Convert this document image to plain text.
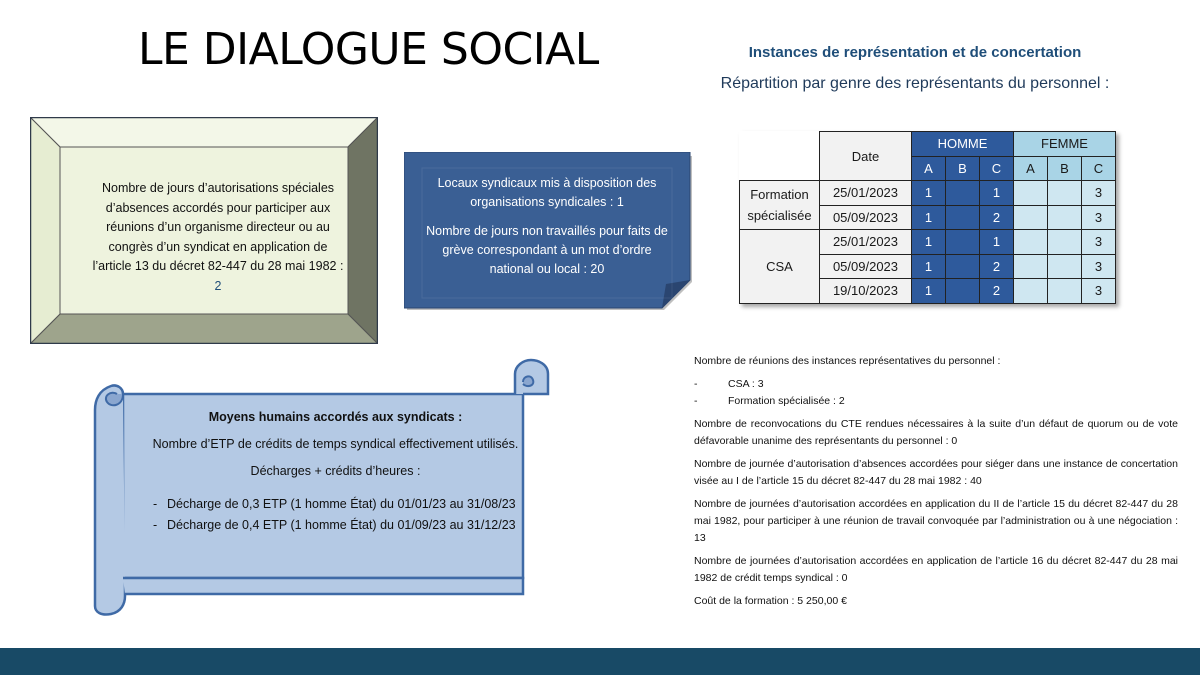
LE DIALOGUE SOCIAL	Instances de représentation et de concertation
Répartition par genre des représentants du personnel :
Nombre de jours d’autorisations spéciales d’absences accordés pour participer aux réunions d’un organisme directeur ou au congrès d’un syndicat en application de l’article 13 du décret 82-447 du 28 mai 1982 : 2

Locaux syndicaux mis à disposition des organisations syndicales : 1

Nombre de jours non travaillés pour faits de grève correspondant à un mot d’ordre national ou local : 20

Moyens humains accordés aux syndicats :
Nombre d’ETP de crédits de temps syndical effectivement utilisés.
Décharges + crédits d’heures :
- Décharge de 0,3 ETP (1 homme État) du 01/01/23 au 31/08/23
- Décharge de 0,4 ETP (1 homme État) du 01/09/23 au 31/12/23
	Date	HOMME			FEMME		
		A	B	C	A	B	C
Formation spécialisée	25/01/2023	1		1			3
	05/09/2023	1		2			3
CSA	25/01/2023	1		1			3
	05/09/2023	1		2			3
	19/10/2023	1		2			3

Nombre de réunions des instances représentatives du personnel :

-	CSA : 3
-	Formation spécialisée : 2

Nombre de reconvocations du CTE rendues nécessaires à la suite d’un défaut de quorum ou de vote défavorable unanime des représentants du personnel : 0

Nombre de journée d’autorisation d’absences accordées pour siéger dans une instance de concertation visée au I de l’article 15 du décret 82-447 du 28 mai 1982 : 40

Nombre de journées d’autorisation accordées en application du II de l’article 15 du décret 82-447 du 28 mai 1982, pour participer à une réunion de travail convoquée par l’administration ou à une négociation : 13

Nombre de journées d’autorisation accordées en application de l’article 16 du décret 82-447 du 28 mai 1982 de crédit temps syndical : 0

Coût de la formation : 5 250,00 €
